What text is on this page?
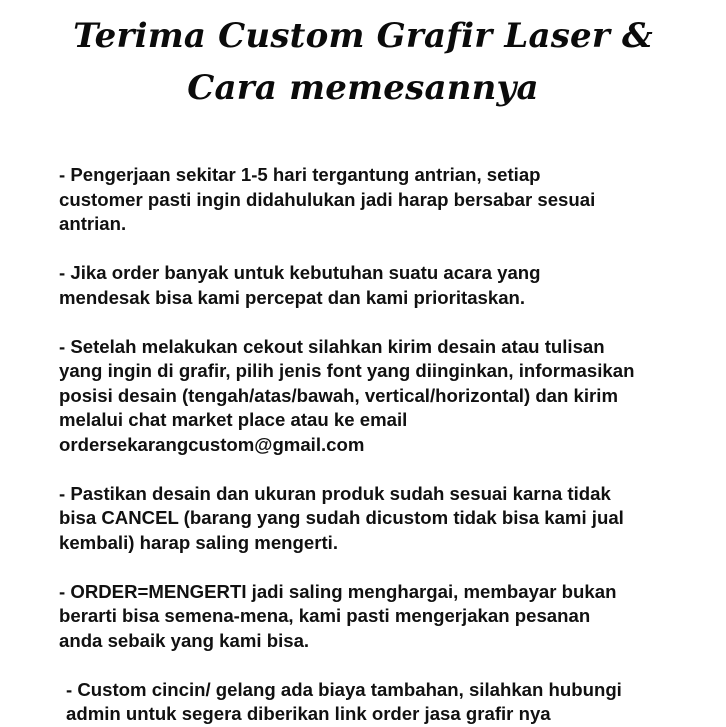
Terima Custom Grafir Laser &
Cara memesannya
- Pengerjaan sekitar 1-5 hari tergantung antrian, setiap
customer pasti ingin didahulukan jadi harap bersabar sesuai
antrian.
- Jika order banyak untuk kebutuhan suatu acara yang
mendesak bisa kami percepat dan kami prioritaskan.
- Setelah melakukan cekout silahkan kirim desain atau tulisan
yang ingin di grafir, pilih jenis font yang diinginkan, informasikan
posisi desain (tengah/atas/bawah, vertical/horizontal) dan kirim
melalui chat market place atau ke email
ordersekarangcustom@gmail.com
- Pastikan desain dan ukuran produk sudah sesuai karna tidak
bisa CANCEL (barang yang sudah dicustom tidak bisa kami jual
kembali) harap saling mengerti.
- ORDER=MENGERTI jadi saling menghargai, membayar bukan
berarti bisa semena-mena, kami pasti mengerjakan pesanan
anda sebaik yang kami bisa.
- Custom cincin/ gelang ada biaya tambahan, silahkan hubungi
admin untuk segera diberikan link order jasa grafir nya
